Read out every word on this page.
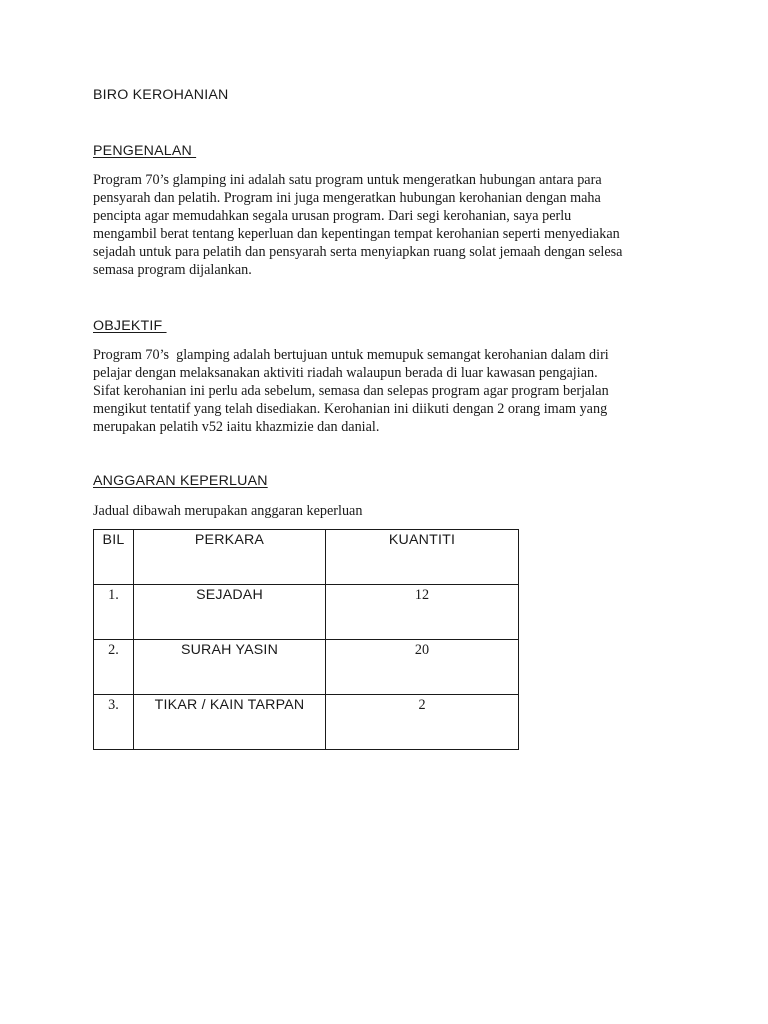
BIRO KEROHANIAN
PENGENALAN
Program 70’s glamping ini adalah satu program untuk mengeratkan hubungan antara para
pensyarah dan pelatih. Program ini juga mengeratkan hubungan kerohanian dengan maha
pencipta agar memudahkan segala urusan program. Dari segi kerohanian, saya perlu
mengambil berat tentang keperluan dan kepentingan tempat kerohanian seperti menyediakan
sejadah untuk para pelatih dan pensyarah serta menyiapkan ruang solat jemaah dengan selesa
semasa program dijalankan.
OBJEKTIF
Program 70’s  glamping adalah bertujuan untuk memupuk semangat kerohanian dalam diri
pelajar dengan melaksanakan aktiviti riadah walaupun berada di luar kawasan pengajian.
Sifat kerohanian ini perlu ada sebelum, semasa dan selepas program agar program berjalan
mengikut tentatif yang telah disediakan. Kerohanian ini diikuti dengan 2 orang imam yang
merupakan pelatih v52 iaitu khazmizie dan danial.
ANGGARAN KEPERLUAN

Jadual dibawah merupakan anggaran keperluan

BIL	PERKARA	KUANTITI

1.	SEJADAH	12

2.	SURAH YASIN	20

3.	TIKAR / KAIN TARPAN	2
